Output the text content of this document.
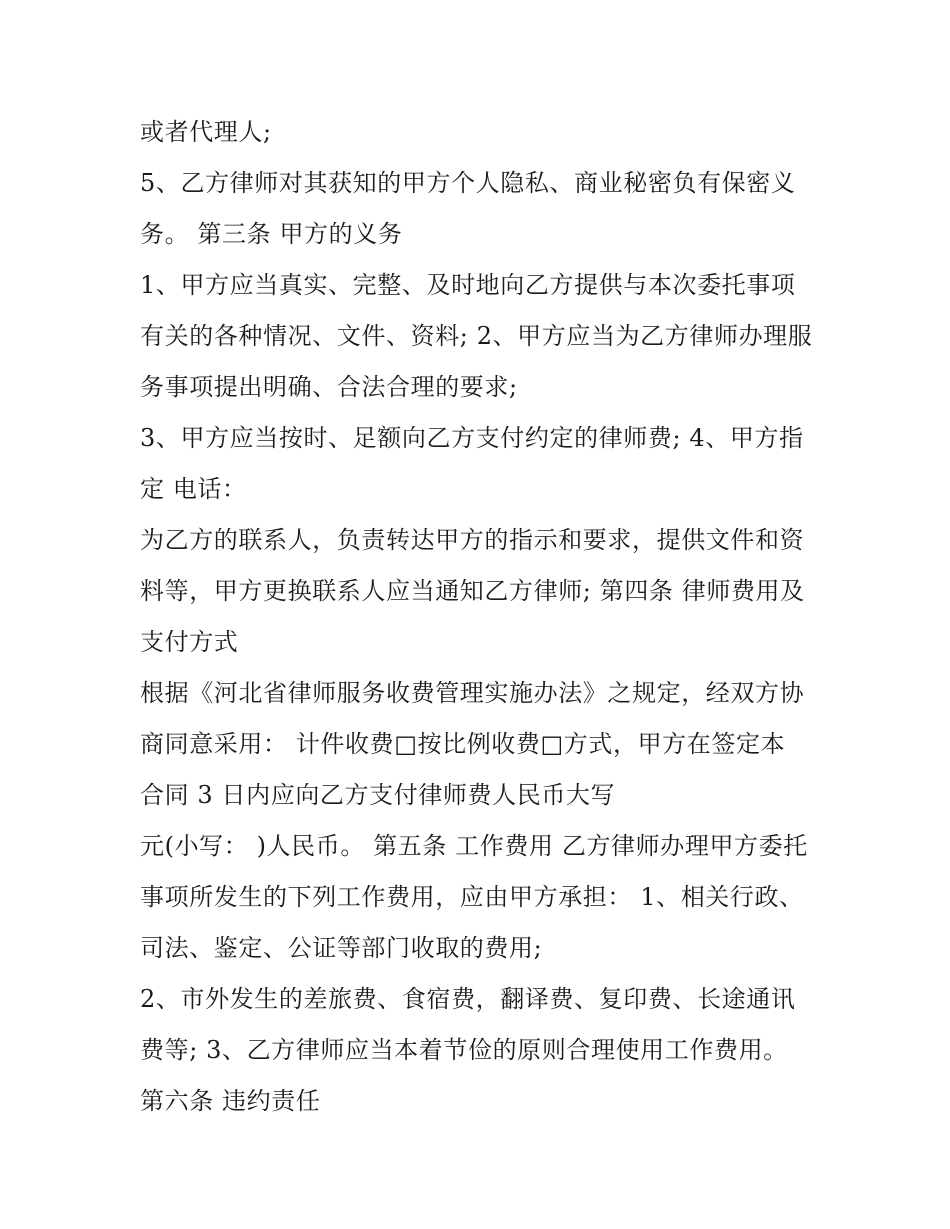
或者代理人;
5、乙方律师对其获知的甲方个人隐私、商业秘密负有保密义
务。 第三条 甲方的义务
1、甲方应当真实、完整、及时地向乙方提供与本次委托事项
有关的各种情况、文件、资料; 2、甲方应当为乙方律师办理服
务事项提出明确、合法合理的要求;
3、甲方应当按时、足额向乙方支付约定的律师费; 4、甲方指
定 电话：
为乙方的联系人，负责转达甲方的指示和要求，提供文件和资
料等，甲方更换联系人应当通知乙方律师; 第四条 律师费用及
支付方式
根据《河北省律师服务收费管理实施办法》之规定，经双方协
商同意采用： 计件收费□按比例收费□方式，甲方在签定本
合同 3 日内应向乙方支付律师费人民币大写
元(小写： )人民币。 第五条 工作费用 乙方律师办理甲方委托
事项所发生的下列工作费用，应由甲方承担： 1、相关行政、
司法、鉴定、公证等部门收取的费用;
2、市外发生的差旅费、食宿费，翻译费、复印费、长途通讯
费等; 3、乙方律师应当本着节俭的原则合理使用工作费用。
第六条 违约责任
